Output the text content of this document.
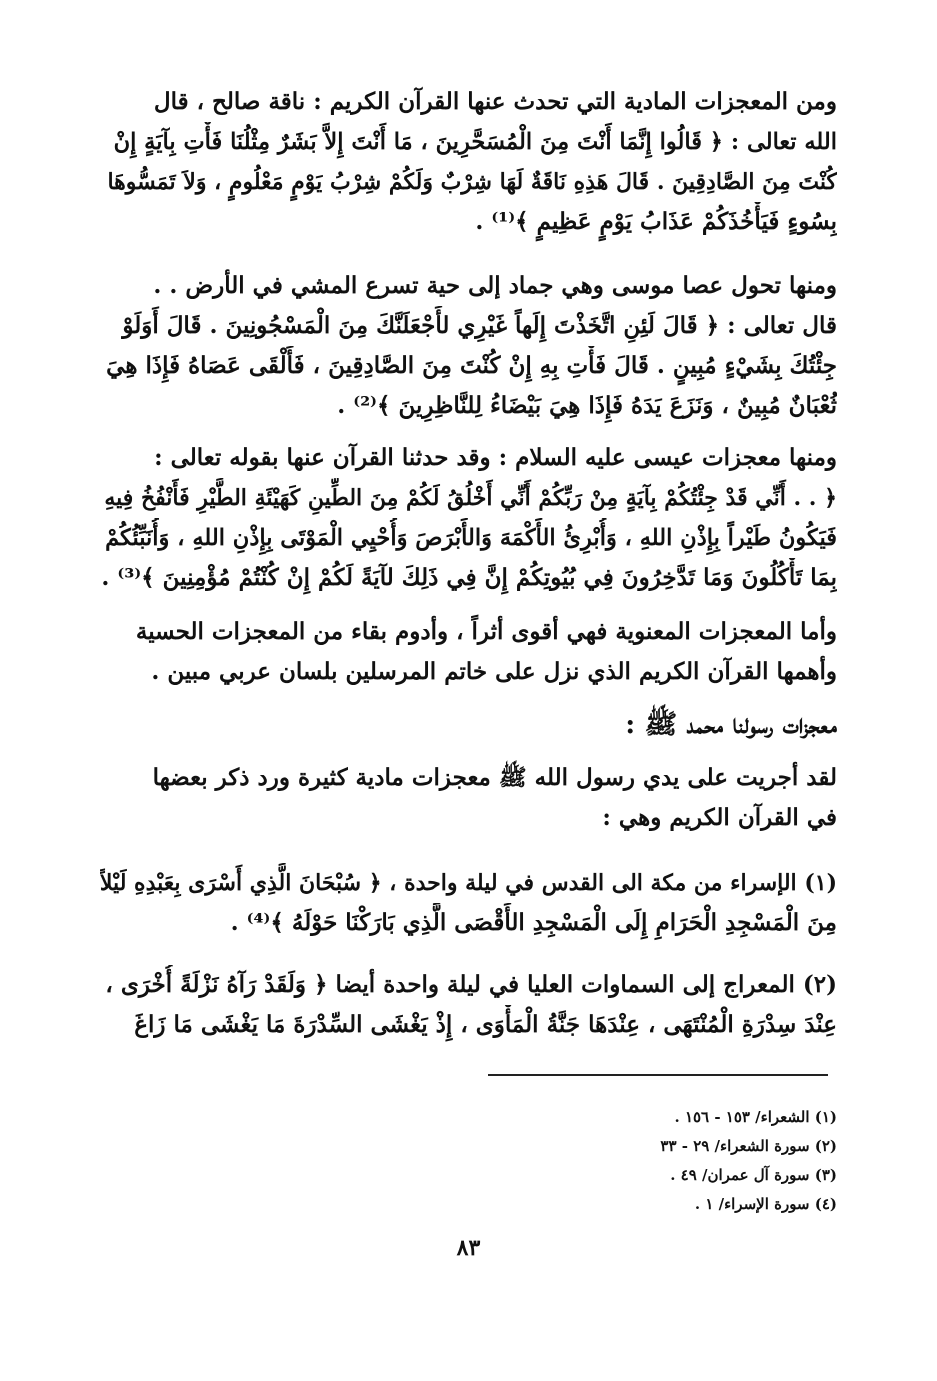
ومن المعجزات المادية التي تحدث عنها القرآن الكريم : ناقة صالح ، قال
الله تعالى : ﴿ قَالُوا إِنَّمَا أَنْتَ مِنَ الْمُسَحَّرِينَ ، مَا أَنْتَ إِلاَّ بَشَرٌ مِثْلُنَا فَأْتِ بِآيَةٍ إِنْ
كُنْتَ مِنَ الصَّادِقِينَ . قَالَ هَذِهِ نَاقَةٌ لَهَا شِرْبٌ وَلَكُمْ شِرْبُ يَوْمٍ مَعْلُومٍ ، وَلاَ تَمَسُّوهَا
بِسُوءٍ فَيَأْخُذَكُمْ عَذَابُ يَوْمٍ عَظِيمٍ ﴾⁽¹⁾ .
ومنها تحول عصا موسى وهي جماد إلى حية تسرع المشي في الأرض . .
قال تعالى : ﴿ قَالَ لَئِنِ اتَّخَذْتَ إِلَهاً غَيْرِي لأَجْعَلَنَّكَ مِنَ الْمَسْجُونِينَ . قَالَ أَوَلَوْ
جِئْتُكَ بِشَيْءٍ مُبِينٍ . قَالَ فَأْتِ بِهِ إِنْ كُنْتَ مِنَ الصَّادِقِينَ ، فَأَلْقَى عَصَاهُ فَإِذَا هِيَ
ثُعْبَانٌ مُبِينٌ ، وَنَزَعَ يَدَهُ فَإِذَا هِيَ بَيْضَاءُ لِلنَّاظِرِينَ ﴾⁽²⁾ .
ومنها معجزات عيسى عليه السلام : وقد حدثنا القرآن عنها بقوله تعالى :
﴿ . . أَنِّي قَدْ جِئْتُكُمْ بِآيَةٍ مِنْ رَبِّكُمْ أَنِّي أَخْلُقُ لَكُمْ مِنَ الطِّينِ كَهَيْئَةِ الطَّيْرِ فَأَنْفُخُ فِيهِ
فَيَكُونُ طَيْراً بِإِذْنِ اللهِ ، وَأُبْرِئُ الأَكْمَهَ وَالأَبْرَصَ وَأُحْيِي الْمَوْتَى بِإِذْنِ اللهِ ، وَأُنَبِّئُكُمْ
بِمَا تَأْكُلُونَ وَمَا تَدَّخِرُونَ فِي بُيُوتِكُمْ إِنَّ فِي ذَلِكَ لآيَةً لَكُمْ إِنْ كُنْتُمْ مُؤْمِنِينَ ﴾⁽³⁾ .
وأما المعجزات المعنوية فهي أقوى أثراً ، وأدوم بقاء من المعجزات الحسية
وأهمها القرآن الكريم الذي نزل على خاتم المرسلين بلسان عربي مبين .
معجزات رسولنا محمد ﷺ :
لقد أجريت على يدي رسول الله ﷺ معجزات مادية كثيرة ورد ذكر بعضها
في القرآن الكريم وهي :
(١) الإسراء من مكة الى القدس في ليلة واحدة ، ﴿ سُبْحَانَ الَّذِي أَسْرَى بِعَبْدِهِ لَيْلاً
مِنَ الْمَسْجِدِ الْحَرَامِ إِلَى الْمَسْجِدِ الأَقْصَى الَّذِي بَارَكْنَا حَوْلَهُ ﴾⁽⁴⁾ .
(٢) المعراج إلى السماوات العليا في ليلة واحدة أيضا ﴿ وَلَقَدْ رَآهُ نَزْلَةً أُخْرَى ،
عِنْدَ سِدْرَةِ الْمُنْتَهَى ، عِنْدَهَا جَنَّةُ الْمَأْوَى ، إِذْ يَغْشَى السِّدْرَةَ مَا يَغْشَى مَا زَاغَ
(١) الشعراء/ ١٥٣ - ١٥٦ .
(٢) سورة الشعراء/ ٢٩ - ٣٣
(٣) سورة آل عمران/ ٤٩ .
(٤) سورة الإسراء/ ١ .
٨٣
